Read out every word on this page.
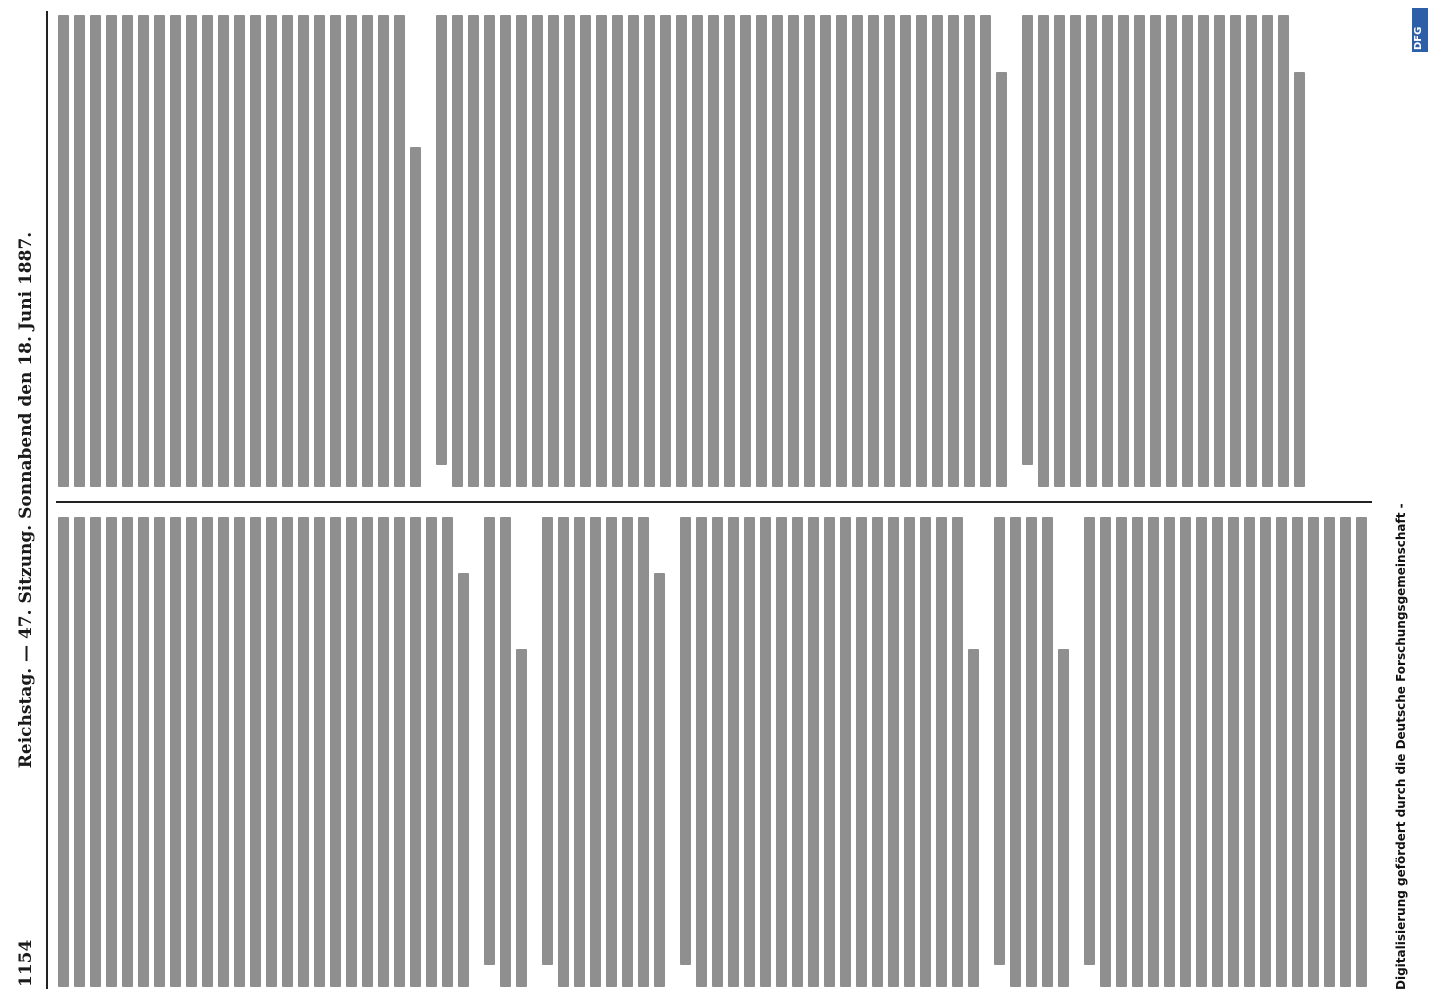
1154
Reichstag. — 47. Sitzung. Sonnabend den 18. Juni 1887.	Digitalisierung gefördert durch die Deutsche Forschungsgemeinschaft -
DFG
